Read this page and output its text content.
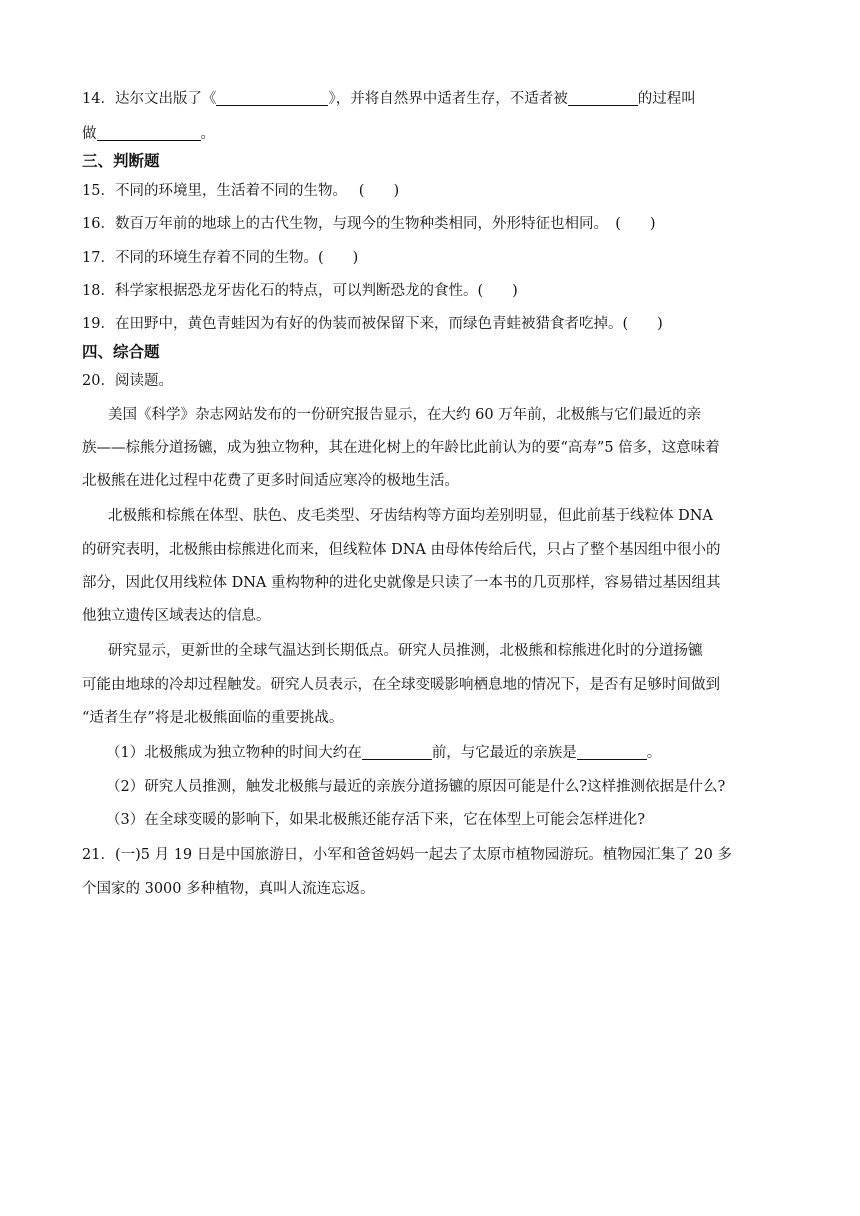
14．达尔文出版了《	》，并将自然界中适者生存，不适者被	的过程叫
做	。
三、判断题
15．不同的环境里，生活着不同的生物。　 (　　)
16．数百万年前的地球上的古代生物，与现今的生物种类相同，外形特征也相同。　(　　)
17．不同的环境生存着不同的生物。(　　)
18．科学家根据恐龙牙齿化石的特点，可以判断恐龙的食性。(　　)
19．在田野中，黄色青蛙因为有好的伪装而被保留下来，而绿色青蛙被猎食者吃掉。(　　)
四、综合题
20．阅读题。
美国《科学》杂志网站发布的一份研究报告显示，在大约 60 万年前，北极熊与它们最近的亲
族——棕熊分道扬镳，成为独立物种，其在进化树上的年龄比此前认为的要“高寿”5 倍多，这意味着
北极熊在进化过程中花费了更多时间适应寒冷的极地生活。
北极熊和棕熊在体型、肤色、皮毛类型、牙齿结构等方面均差别明显，但此前基于线粒体 DNA
的研究表明，北极熊由棕熊进化而来，但线粒体 DNA 由母体传给后代，只占了整个基因组中很小的
部分，因此仅用线粒体 DNA 重构物种的进化史就像是只读了一本书的几页那样，容易错过基因组其
他独立遗传区域表达的信息。
研究显示，更新世的全球气温达到长期低点。研究人员推测，北极熊和棕熊进化时的分道扬镳
可能由地球的冷却过程触发。研究人员表示，在全球变暖影响栖息地的情况下，是否有足够时间做到
“适者生存”将是北极熊面临的重要挑战。
（1）北极熊成为独立物种的时间大约在	前，与它最近的亲族是	。
（2）研究人员推测，触发北极熊与最近的亲族分道扬镳的原因可能是什么?这样推测依据是什么?
（3）在全球变暖的影响下，如果北极熊还能存活下来，它在体型上可能会怎样进化?
21．(一)5 月 19 日是中国旅游日，小军和爸爸妈妈一起去了太原市植物园游玩。植物园汇集了 20 多
个国家的 3000 多种植物，真叫人流连忘返。
